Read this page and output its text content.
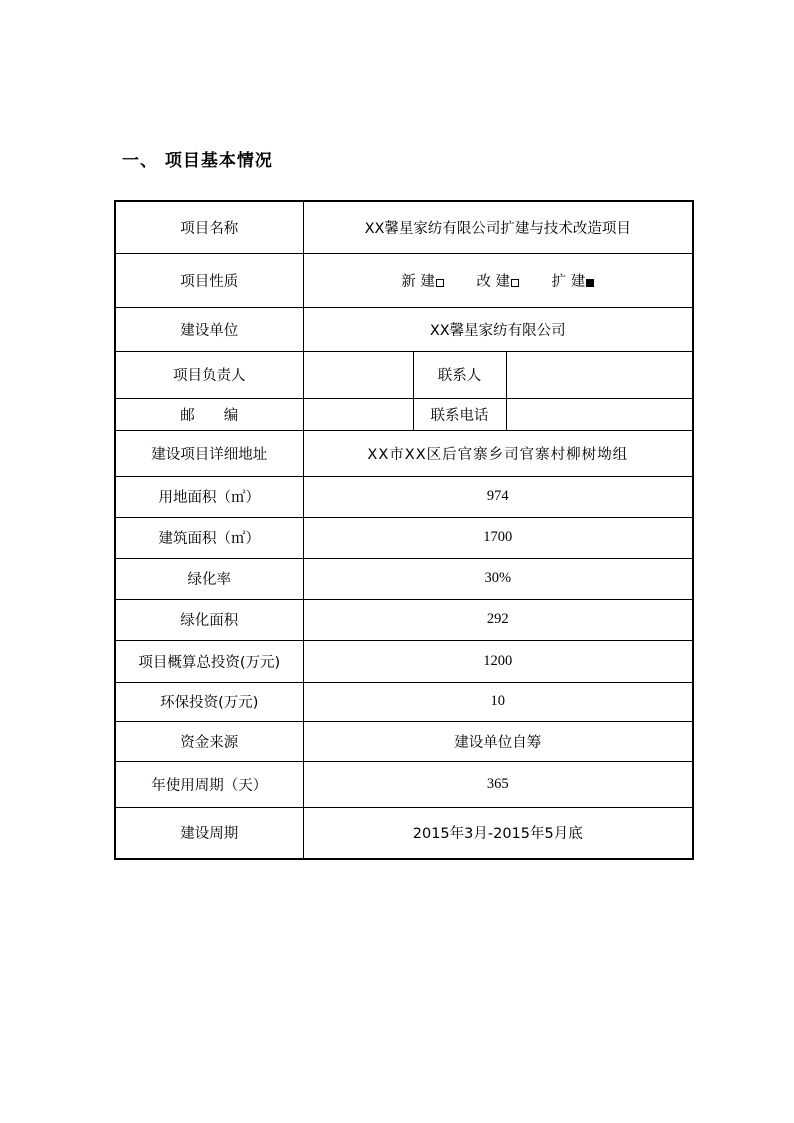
一、 项目基本情况
项目名称	XX馨星家纺有限公司扩建与技术改造项目		
项目性质	新 建 改 建 扩 建		
建设单位	XX馨星家纺有限公司		
项目负责人		联系人	
邮　　编		联系电话	
建设项目详细地址	XX市XX区后官寨乡司官寨村柳树坳组		
用地面积（㎡）	974		
建筑面积（㎡）	1700		
绿化率	30%		
绿化面积	292		
项目概算总投资(万元)	1200		
环保投资(万元)	10		
资金来源	建设单位自筹		
年使用周期（天）	365		
建设周期	2015年3月-2015年5月底		
